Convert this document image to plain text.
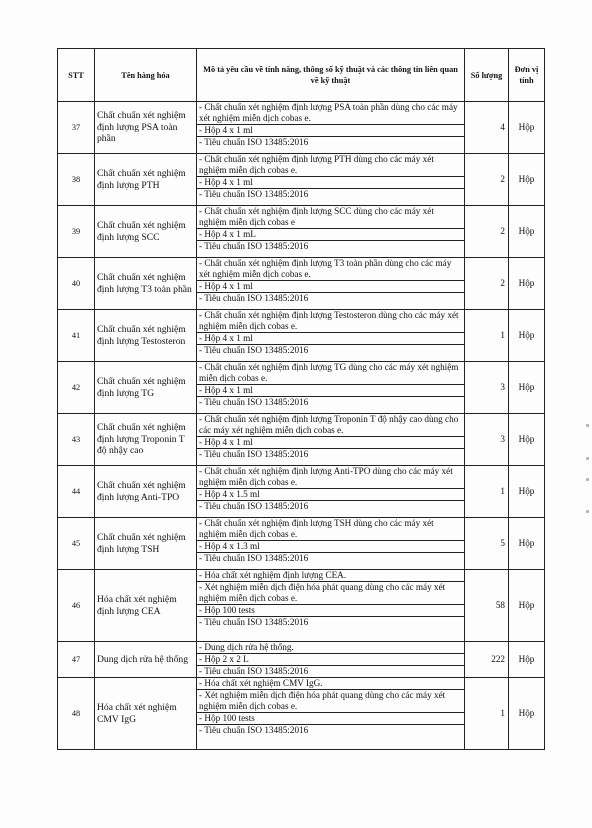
STT	Tên hàng hóa	Mô tả yêu cầu về tính năng, thông số kỹ thuật và các thông tin liên quan về kỹ thuật	Số lượng	Đơn vị tính
37	Chất chuẩn xét nghiệm định lượng PSA toàn phần	- Chất chuẩn xét nghiệm định lượng PSA toàn phần dùng cho các máy xét nghiệm miễn dịch cobas e.
- Hộp 4 x 1 ml
- Tiêu chuẩn ISO 13485:2016	4	Hộp
38	Chất chuẩn xét nghiệm định lượng PTH	- Chất chuẩn xét nghiệm định lượng PTH dùng cho các máy xét nghiệm miễn dịch cobas e.
- Hộp 4 x 1 ml
- Tiêu chuẩn ISO 13485:2016	2	Hộp
39	Chất chuẩn xét nghiệm định lượng SCC	- Chất chuẩn xét nghiệm định lượng SCC dùng cho các máy xét nghiệm miễn dịch cobas e
- Hộp 4 x 1 mL
- Tiêu chuẩn ISO 13485:2016	2	Hộp
40	Chất chuẩn xét nghiệm định lượng T3 toàn phần	- Chất chuẩn xét nghiệm định lượng T3 toàn phần dùng cho các máy xét nghiệm miễn dịch cobas e.
- Hộp 4 x 1 ml
- Tiêu chuẩn ISO 13485:2016	2	Hộp
41	Chất chuẩn xét nghiệm định lượng Testosteron	- Chất chuẩn xét nghiệm định lượng Testosteron dùng cho các máy xét nghiệm miễn dịch cobas e.
- Hộp 4 x 1 ml
- Tiêu chuẩn ISO 13485:2016	1	Hộp
42	Chất chuẩn xét nghiệm định lượng TG	- Chất chuẩn xét nghiệm định lượng TG dùng cho các máy xét nghiệm miễn dịch cobas e.
- Hộp 4 x 1 ml
- Tiêu chuẩn ISO 13485:2016	3	Hộp
43	Chất chuẩn xét nghiệm định lượng Troponin T độ nhậy cao	- Chất chuẩn xét nghiệm định lượng Troponin T độ nhậy cao dùng cho các máy xét nghiệm miễn dịch cobas e.
- Hộp 4 x 1 ml
- Tiêu chuẩn ISO 13485:2016	3	Hộp
44	Chất chuẩn xét nghiệm định lượng Anti-TPO	- Chất chuẩn xét nghiệm định lượng Anti-TPO dùng cho các máy xét nghiệm miễn dịch cobas e.
- Hộp 4 x 1.5 ml
- Tiêu chuẩn ISO 13485:2016	1	Hộp
45	Chất chuẩn xét nghiệm định lượng TSH	- Chất chuẩn xét nghiệm định lượng TSH dùng cho các máy xét nghiệm miễn dịch cobas e.
- Hộp 4 x 1.3 ml
- Tiêu chuẩn ISO 13485:2016	5	Hộp
46	Hóa chất xét nghiệm định lượng CEA	- Hóa chất xét nghiệm định lượng CEA.
- Xét nghiệm miễn dịch điện hóa phát quang dùng cho các máy xét nghiệm miễn dịch cobas e.
- Hộp 100 tests
- Tiêu chuẩn ISO 13485:2016	58	Hộp
47	Dung dịch rửa hệ thống	- Dung dịch rửa hệ thống.
- Hộp 2 x 2 L
- Tiêu chuẩn ISO 13485:2016	222	Hộp
48	Hóa chất xét nghiệm CMV IgG	- Hóa chất xét nghiệm CMV IgG.
- Xét nghiệm miễn dịch điện hóa phát quang dùng cho các máy xét nghiệm miễn dịch cobas e.
- Hộp 100 tests
- Tiêu chuẩn ISO 13485:2016	1	Hộp
